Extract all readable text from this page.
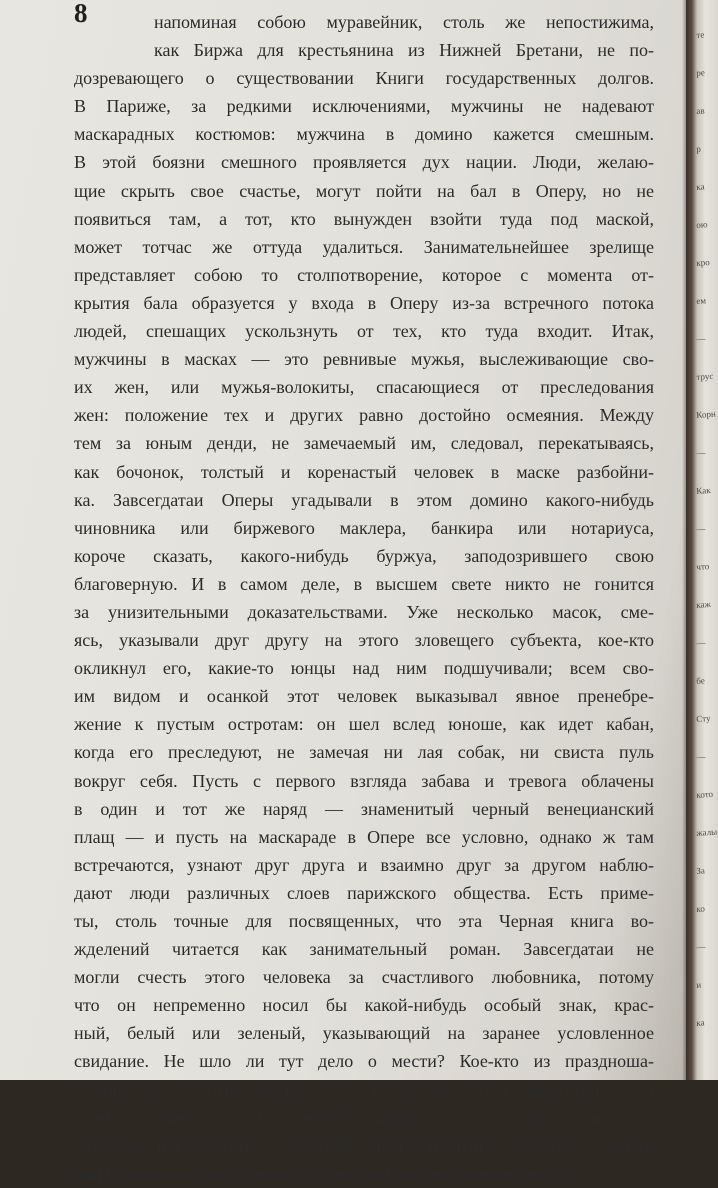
8	напоминая собою муравейник, столь же непостижима,
как Биржа для крестьянина из Нижней Бретани, не по-
дозревающего о существовании Книги государственных долгов.
В Париже, за редкими исключениями, мужчины не надевают
маскарадных костюмов: мужчина в домино кажется смешным.
В этой боязни смешного проявляется дух нации. Люди, желаю-
щие скрыть свое счастье, могут пойти на бал в Оперу, но не
появиться там, а тот, кто вынужден взойти туда под маской,
может тотчас же оттуда удалиться. Занимательнейшее зрелище
представляет собою то столпотворение, которое с момента от-
крытия бала образуется у входа в Оперу из-за встречного потока
людей, спешащих ускользнуть от тех, кто туда входит. Итак,
мужчины в масках — это ревнивые мужья, выслеживающие сво-
их жен, или мужья-волокиты, спасающиеся от преследования
жен: положение тех и других равно достойно осмеяния. Между
тем за юным денди, не замечаемый им, следовал, перекатываясь,
как бочонок, толстый и коренастый человек в маске разбойни-
ка. Завсегдатаи Оперы угадывали в этом домино какого-нибудь
чиновника или биржевого маклера, банкира или нотариуса,
короче сказать, какого-нибудь буржуа, заподозрившего свою
благоверную. И в самом деле, в высшем свете никто не гонится
за унизительными доказательствами. Уже несколько масок, сме-
ясь, указывали друг другу на этого зловещего субъекта, кое-кто
окликнул его, какие-то юнцы над ним подшучивали; всем сво-
им видом и осанкой этот человек выказывал явное пренебре-
жение к пустым остротам: он шел вслед юноше, как идет кабан,
когда его преследуют, не замечая ни лая собак, ни свиста пуль
вокруг себя. Пусть с первого взгляда забава и тревога облачены
в один и тот же наряд — знаменитый черный венецианский
плащ — и пусть на маскараде в Опере все условно, однако ж там
встречаются, узнают друг друга и взаимно друг за другом наблю-
дают люди различных слоев парижского общества. Есть приме-
ты, столь точные для посвященных, что эта Черная книга во-
жделений читается как занимательный роман. Завсегдатаи не
могли счесть этого человека за счастливого любовника, потому
что он непременно носил бы какой-нибудь особый знак, крас-
ный, белый или зеленый, указывающий на заранее условленное
свидание. Не шло ли тут дело о мести? Кое-кто из праздноша-
тающихся, заметив маску, что следовала столь неотступно за
этим баловнем счастья, снова вглядывался в красивое лицо, на
котором наслаждение оставило свой дивный отпечаток. Моло-
дой человек возбуждал интерес: чем дальше, тем больше он под-
те
ре
ав
р
ка
ою
кро
ем
—
трус
Корн
—
Как
—
что
каж
—
бе
Сту
—
кото
жалы
За
ко
—
и
ка
